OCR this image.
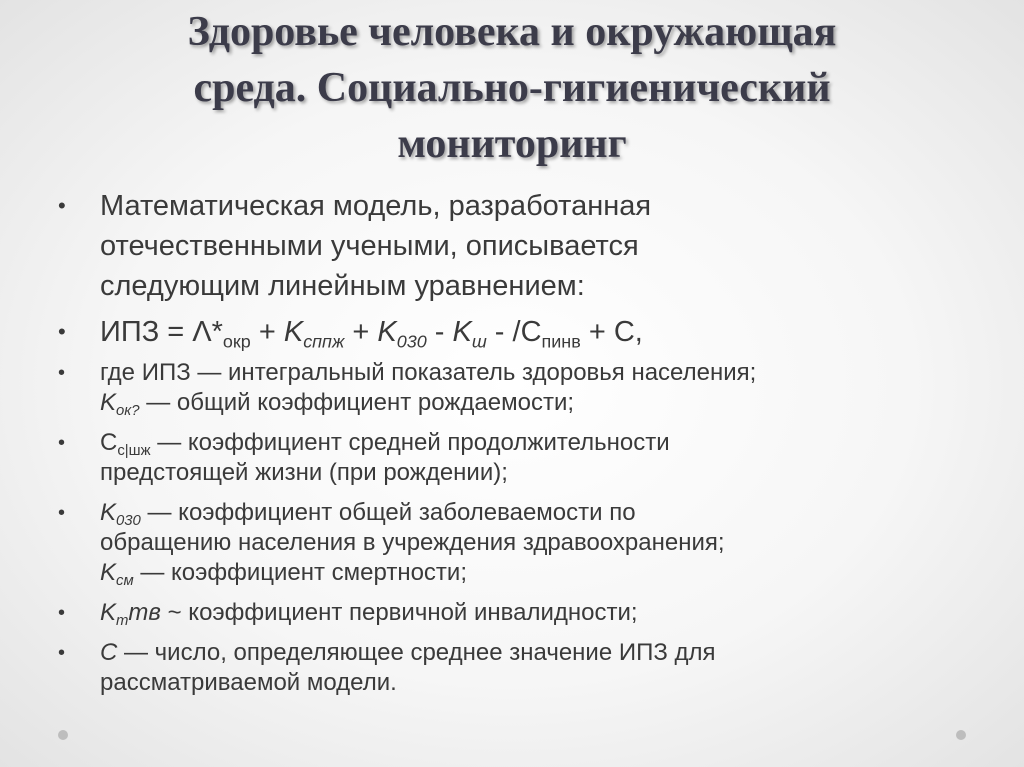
Здоровье человека и окружающая
среда. Социально-гигиенический
мониторинг
• Математическая модель, разработанная
отечественными учеными, описывается
следующим линейным уравнением:
• ИПЗ = $\Lambda*_{окр} + K_{сппж} + K_{030} - K_ш - /С_{пинв} + С$,
• где ИПЗ — интегральный показатель здоровья населения;
$K_{ок?}$ — общий коэффициент рождаемости;
• $С_{с|шж}$ — коэффициент средней продолжительности
предстоящей жизни (при рождении);
• $K_{030}$ — коэффициент общей заболеваемости по
обращению населения в учреждения здравоохранения;
$K_{см}$ — коэффициент смертности;
• $K_ттв$ ~ коэффициент первичной инвалидности;
• С — число, определяющее среднее значение ИПЗ для
рассматриваемой модели.
